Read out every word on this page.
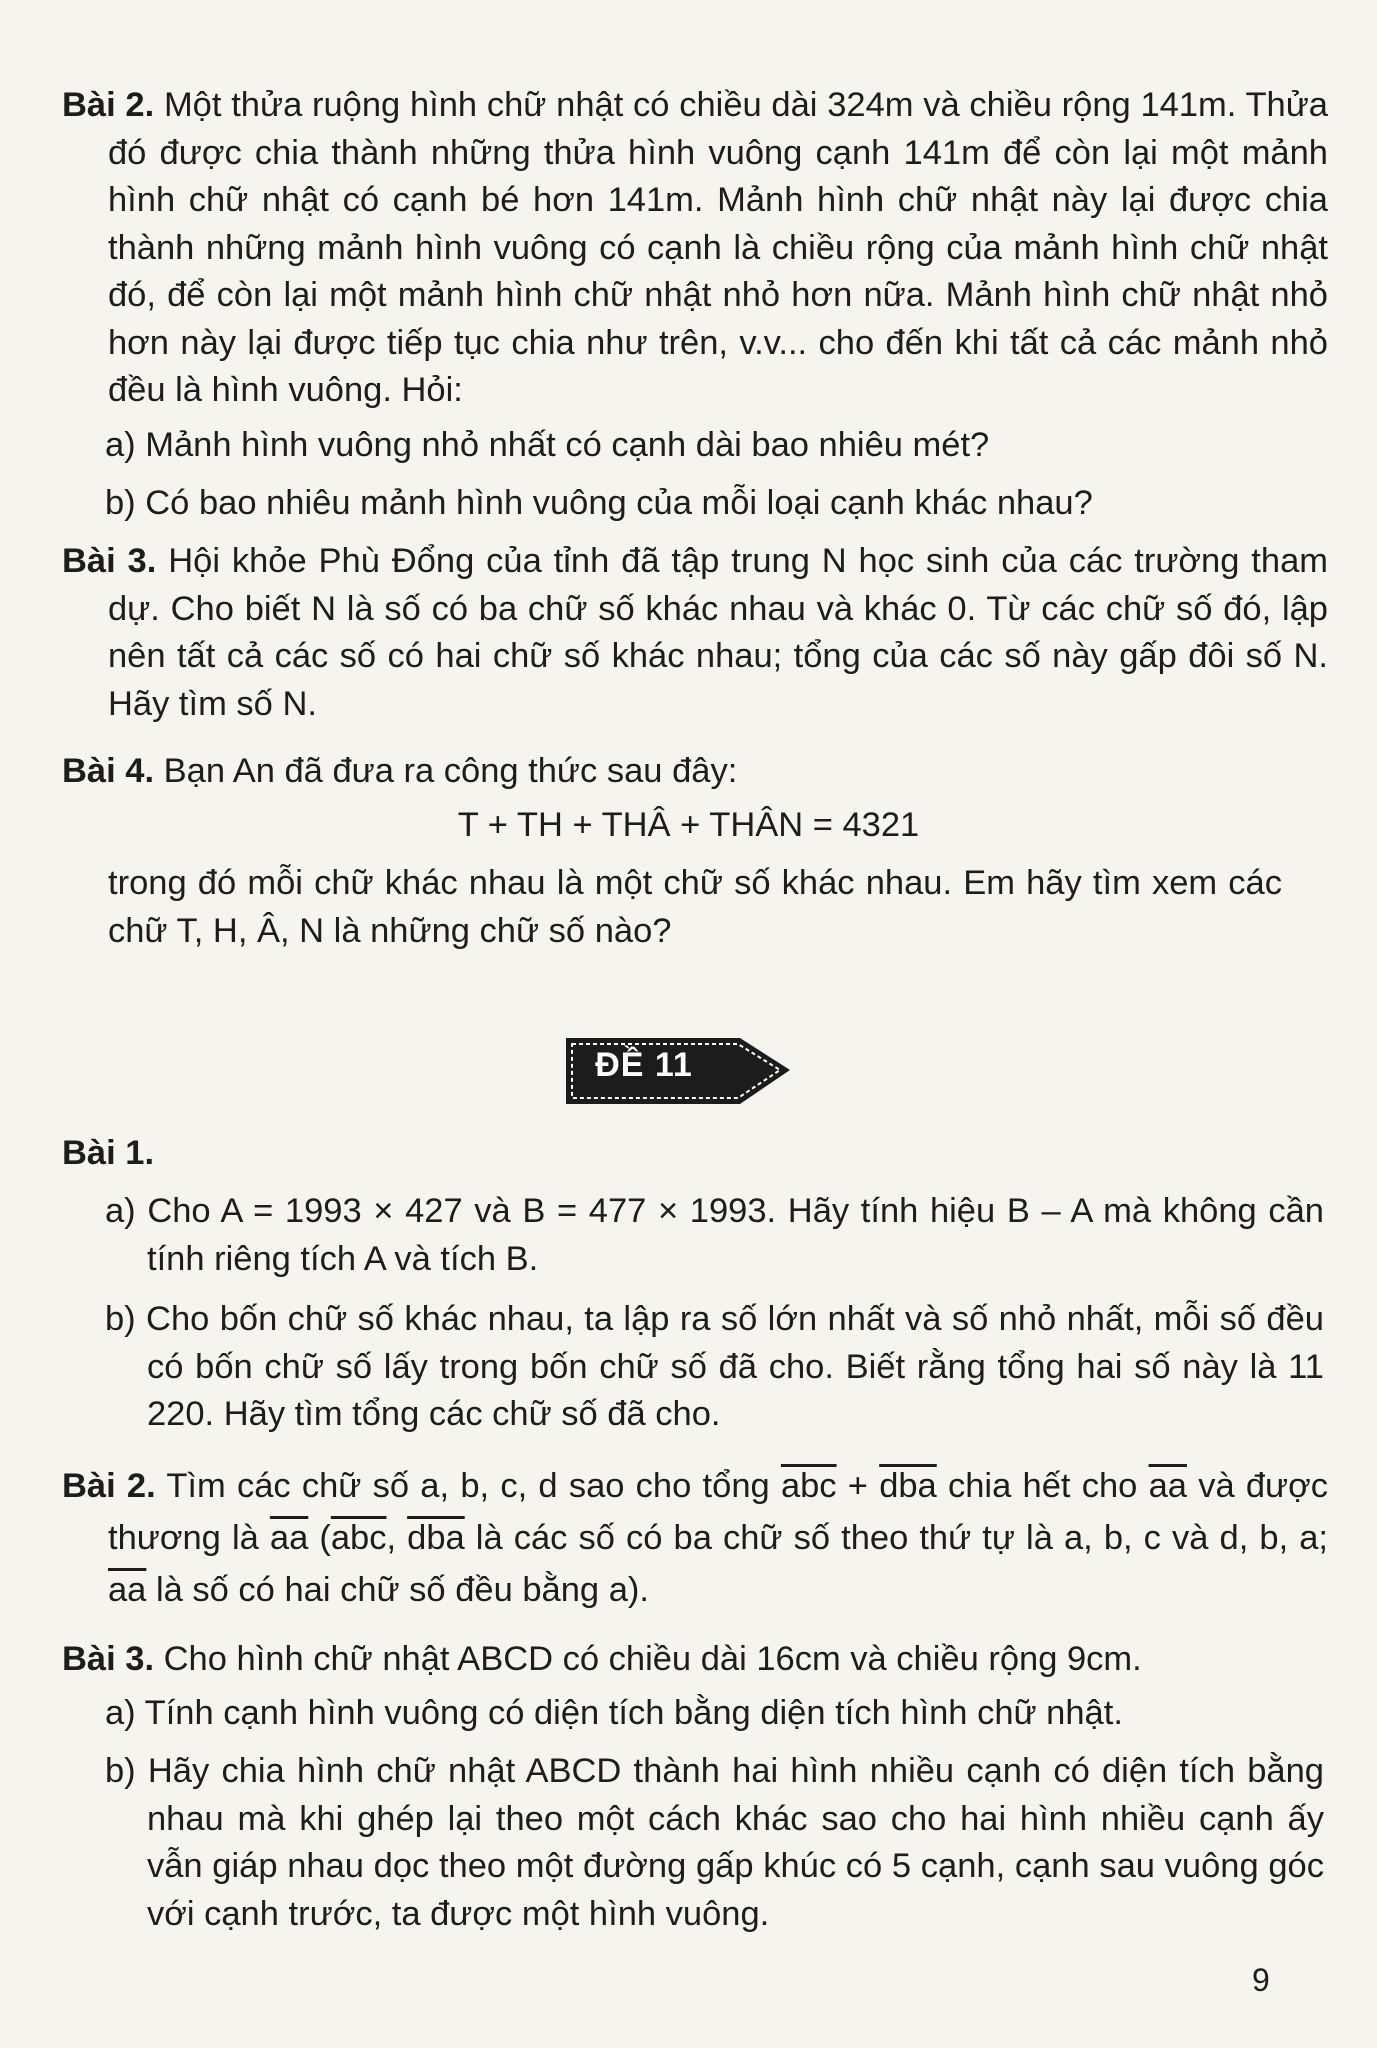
Bài 2. Một thửa ruộng hình chữ nhật có chiều dài 324m và chiều rộng 141m. Thửa đó được chia thành những thửa hình vuông cạnh 141m để còn lại một mảnh hình chữ nhật có cạnh bé hơn 141m. Mảnh hình chữ nhật này lại được chia thành những mảnh hình vuông có cạnh là chiều rộng của mảnh hình chữ nhật đó, để còn lại một mảnh hình chữ nhật nhỏ hơn nữa. Mảnh hình chữ nhật nhỏ hơn này lại được tiếp tục chia như trên, v.v... cho đến khi tất cả các mảnh nhỏ đều là hình vuông. Hỏi:
a) Mảnh hình vuông nhỏ nhất có cạnh dài bao nhiêu mét?
b) Có bao nhiêu mảnh hình vuông của mỗi loại cạnh khác nhau?
Bài 3. Hội khỏe Phù Đổng của tỉnh đã tập trung N học sinh của các trường tham dự. Cho biết N là số có ba chữ số khác nhau và khác 0. Từ các chữ số đó, lập nên tất cả các số có hai chữ số khác nhau; tổng của các số này gấp đôi số N. Hãy tìm số N.
Bài 4. Bạn An đã đưa ra công thức sau đây:
T + TH + THÂ + THÂN = 4321
trong đó mỗi chữ khác nhau là một chữ số khác nhau. Em hãy tìm xem các chữ T, H, Â, N là những chữ số nào?
ĐỀ 11
Bài 1.
a) Cho A = 1993 × 427 và B = 477 × 1993. Hãy tính hiệu B – A mà không cần tính riêng tích A và tích B.
b) Cho bốn chữ số khác nhau, ta lập ra số lớn nhất và số nhỏ nhất, mỗi số đều có bốn chữ số lấy trong bốn chữ số đã cho. Biết rằng tổng hai số này là 11 220. Hãy tìm tổng các chữ số đã cho.
Bài 2. Tìm các chữ số a, b, c, d sao cho tổng $\overline{abc} + \overline{dba}$ chia hết cho $\overline{aa}$ và được thương là $\overline{aa}$ ($\overline{abc}$, $\overline{dba}$ là các số có ba chữ số theo thứ tự là a, b, c và d, b, a; $\overline{aa}$ là số có hai chữ số đều bằng a).
Bài 3. Cho hình chữ nhật ABCD có chiều dài 16cm và chiều rộng 9cm.
a) Tính cạnh hình vuông có diện tích bằng diện tích hình chữ nhật.
b) Hãy chia hình chữ nhật ABCD thành hai hình nhiều cạnh có diện tích bằng nhau mà khi ghép lại theo một cách khác sao cho hai hình nhiều cạnh ấy vẫn giáp nhau dọc theo một đường gấp khúc có 5 cạnh, cạnh sau vuông góc với cạnh trước, ta được một hình vuông.
9
